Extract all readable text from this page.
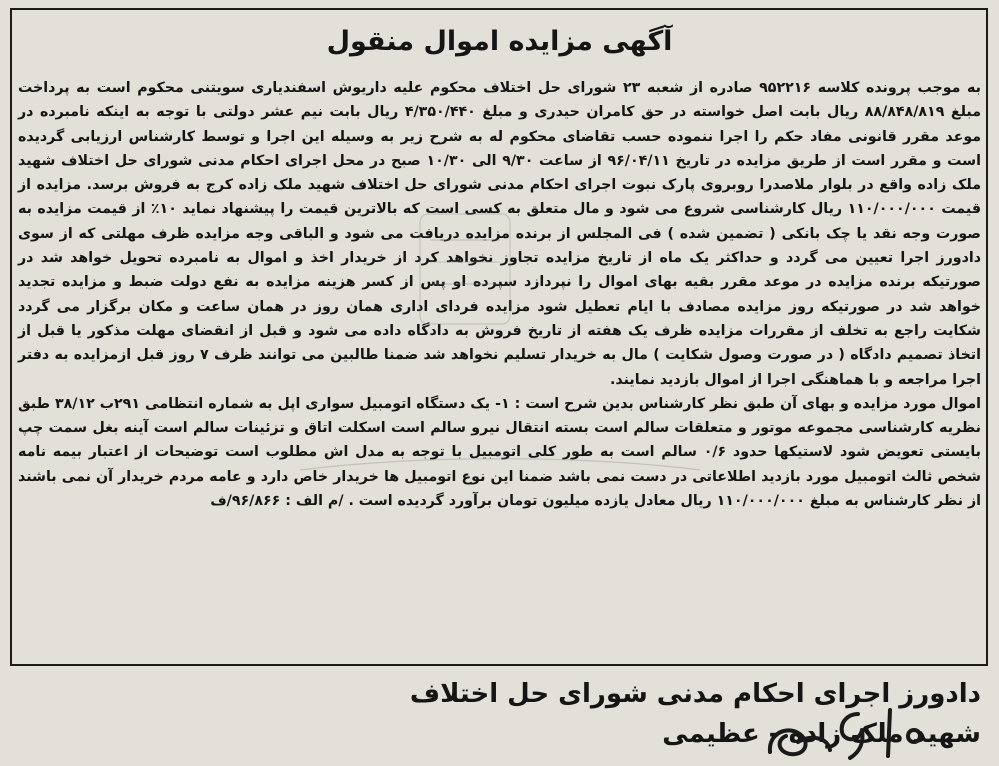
آگهی مزایده اموال منقول

به موجب پرونده کلاسه ۹۵۲۲۱۶ صادره از شعبه ۲۳ شورای حل اختلاف محکوم علیه داریوش اسفندیاری سویتنی محکوم است به پرداخت مبلغ ۸۸/۸۴۸/۸۱۹ ریال بابت اصل خواسته در حق کامران حیدری و مبلغ ۴/۳۵۰/۴۴۰ ریال بابت نیم عشر دولتی با توجه به اینکه نامبرده در موعد مقرر قانونی مفاد حکم را اجرا ننموده حسب تقاضای محکوم له به شرح زیر به وسیله این اجرا و توسط کارشناس ارزیابی گردیده است و مقرر است از طریق مزایده در تاریخ ۹۶/۰۴/۱۱ از ساعت ۹/۳۰ الی ۱۰/۳۰ صبح در محل اجرای احکام مدنی شورای حل اختلاف شهید ملک زاده واقع در بلوار ملاصدرا روبروی پارک نبوت اجرای احکام مدنی شورای حل اختلاف شهید ملک زاده کرج به فروش برسد. مزایده از قیمت ۱۱۰/۰۰۰/۰۰۰ ریال کارشناسی شروع می شود و مال متعلق به کسی است که بالاترین قیمت را پیشنهاد نماید ۱۰٪ از قیمت مزایده به صورت وجه نقد یا چک بانکی ( تضمین شده ) فی المجلس از برنده مزایده دریافت می شود و الباقی وجه مزایده ظرف مهلتی که از سوی دادورز اجرا تعیین می گردد و حداکثر یک ماه از تاریخ مزایده تجاوز نخواهد کرد از خریدار اخذ و اموال به نامبرده تحویل خواهد شد در صورتیکه برنده مزایده در موعد مقرر بقیه بهای اموال را نپردازد سپرده او پس از کسر هزینه مزایده به نفع دولت ضبط و مزایده تجدید خواهد شد در صورتیکه روز مزایده مصادف با ایام تعطیل شود مزایده فردای اداری همان روز در همان ساعت و مکان برگزار می گردد شکایت راجع به تخلف از مقررات مزایده ظرف یک هفته از تاریخ فروش به دادگاه داده می شود و قبل از انقضای مهلت مذکور یا قبل از اتخاذ تصمیم دادگاه ( در صورت وصول شکایت ) مال به خریدار تسلیم نخواهد شد ضمنا طالبین می توانند ظرف ۷ روز قبل ازمزایده به دفتر اجرا مراجعه و با هماهنگی اجرا از اموال بازدید نمایند.

اموال مورد مزایده و بهای آن طبق نظر کارشناس بدین شرح است : ۱- یک دستگاه اتومبیل سواری اپل به شماره انتظامی ۲۹۱ب ۳۸/۱۲ طبق نظریه کارشناسی مجموعه موتور و متعلقات سالم است بسته انتقال نیرو سالم است اسکلت اتاق و تزئینات سالم است آینه بغل سمت چپ بایستی تعویض شود لاستیکها حدود ۰/۶ سالم است به طور کلی اتومبیل با توجه به مدل اش مطلوب است توضیحات از اعتبار بیمه نامه شخص ثالث اتومبیل مورد بازدید اطلاعاتی در دست نمی باشد ضمنا این نوع اتومبیل ها خریدار خاص دارد و عامه مردم خریدار آن نمی باشند از نظر کارشناس به مبلغ ۱۱۰/۰۰۰/۰۰۰ ریال معادل یازده میلیون تومان برآورد گردیده است . /م الف : ۹۶/۸۶۶/ف

دادورز اجرای احکام مدنی شورای حل اختلاف

شهید ملک زاده - عظیمی
